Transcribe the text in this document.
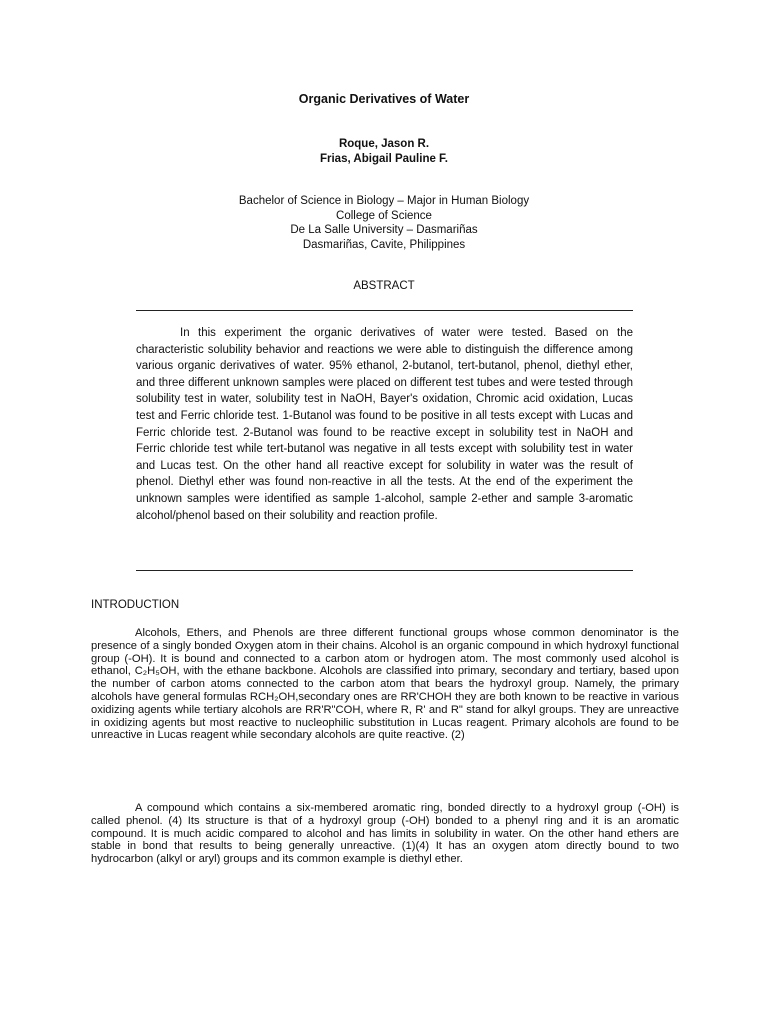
Organic Derivatives of Water
Roque, Jason R.
Frias, Abigail Pauline F.
Bachelor of Science in Biology – Major in Human Biology
College of Science
De La Salle University – Dasmariñas
Dasmariñas, Cavite, Philippines
ABSTRACT

In this experiment the organic derivatives of water were tested. Based on the characteristic solubility behavior and reactions we were able to distinguish the difference among various organic derivatives of water. 95% ethanol, 2-butanol, tert-butanol, phenol, diethyl ether, and three different unknown samples were placed on different test tubes and were tested through solubility test in water, solubility test in NaOH, Bayer's oxidation, Chromic acid oxidation, Lucas test and Ferric chloride test. 1-Butanol was found to be positive in all tests except with Lucas and Ferric chloride test. 2-Butanol was found to be reactive except in solubility test in NaOH and Ferric chloride test while tert-butanol was negative in all tests except with solubility test in water and Lucas test. On the other hand all reactive except for solubility in water was the result of phenol. Diethyl ether was found non-reactive in all the tests. At the end of the experiment the unknown samples were identified as sample 1-alcohol, sample 2-ether and sample 3-aromatic alcohol/phenol based on their solubility and reaction profile.

INTRODUCTION

Alcohols, Ethers, and Phenols are three different functional groups whose common denominator is the presence of a singly bonded Oxygen atom in their chains. Alcohol is an organic compound in which hydroxyl functional group (-OH). It is bound and connected to a carbon atom or hydrogen atom. The most commonly used alcohol is ethanol, C₂H₅OH, with the ethane backbone. Alcohols are classified into primary, secondary and tertiary, based upon the number of carbon atoms connected to the carbon atom that bears the hydroxyl group. Namely, the primary alcohols have general formulas RCH₂OH,secondary ones are RR'CHOH they are both known to be reactive in various oxidizing agents while tertiary alcohols are RR'R"COH, where R, R' and R" stand for alkyl groups. They are unreactive in oxidizing agents but most reactive to nucleophilic substitution in Lucas reagent. Primary alcohols are found to be unreactive in Lucas reagent while secondary alcohols are quite reactive. (2)

A compound which contains a six-membered aromatic ring, bonded directly to a hydroxyl group (-OH) is called phenol. (4) Its structure is that of a hydroxyl group (-OH) bonded to a phenyl ring and it is an aromatic compound. It is much acidic compared to alcohol and has limits in solubility in water. On the other hand ethers are stable in bond that results to being generally unreactive. (1)(4) It has an oxygen atom directly bound to two hydrocarbon (alkyl or aryl) groups and its common example is diethyl ether.
